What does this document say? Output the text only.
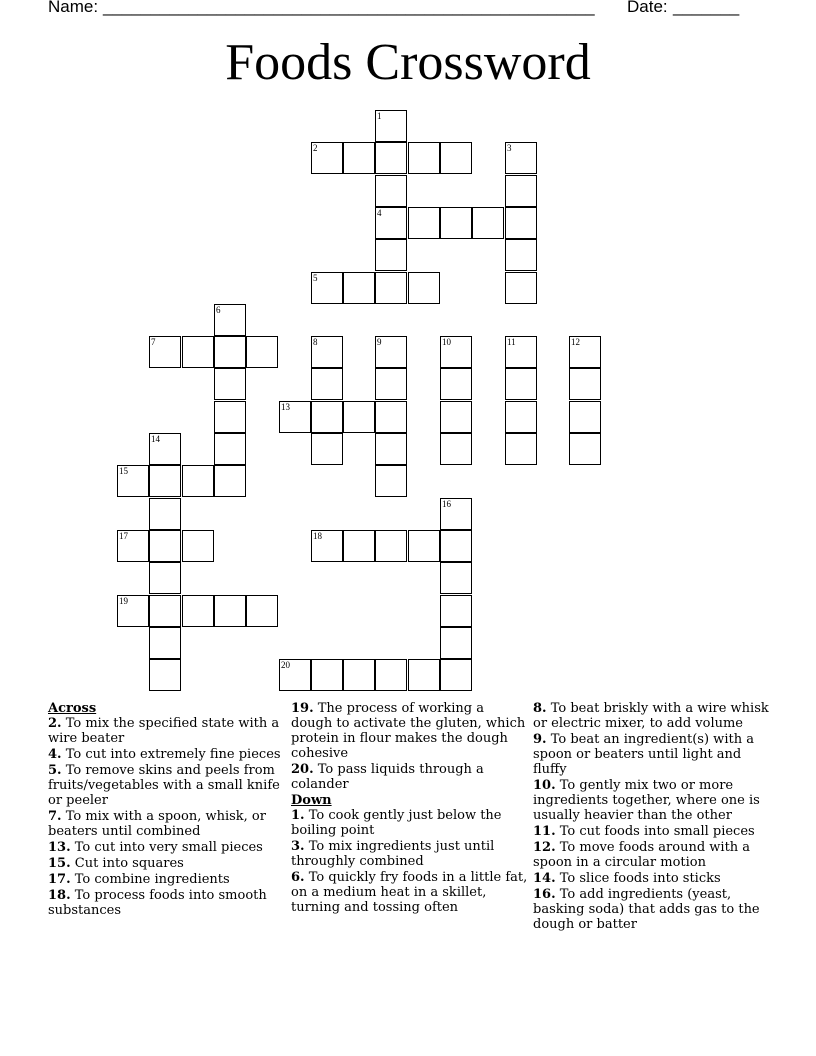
Name: ____________________________________________________ Date: _______
Foods Crossword
1
2	3
4
5
6
7	8	9	10	11	12
13
14
15
16
17	18
19
20
Across
2. To mix the specified state with a wire beater
4. To cut into extremely fine pieces
5. To remove skins and peels from fruits/vegetables with a small knife or peeler
7. To mix with a spoon, whisk, or beaters until combined
13. To cut into very small pieces
15. Cut into squares
17. To combine ingredients
18. To process foods into smooth substances
19. The process of working a dough to activate the gluten, which protein in flour makes the dough cohesive
20. To pass liquids through a colander
Down
1. To cook gently just below the boiling point
3. To mix ingredients just until throughly combined
6. To quickly fry foods in a little fat, on a medium heat in a skillet, turning and tossing often
8. To beat briskly with a wire whisk or electric mixer, to add volume
9. To beat an ingredient(s) with a spoon or beaters until light and fluffy
10. To gently mix two or more ingredients together, where one is usually heavier than the other
11. To cut foods into small pieces
12. To move foods around with a spoon in a circular motion
14. To slice foods into sticks
16. To add ingredients (yeast, basking soda) that adds gas to the dough or batter
